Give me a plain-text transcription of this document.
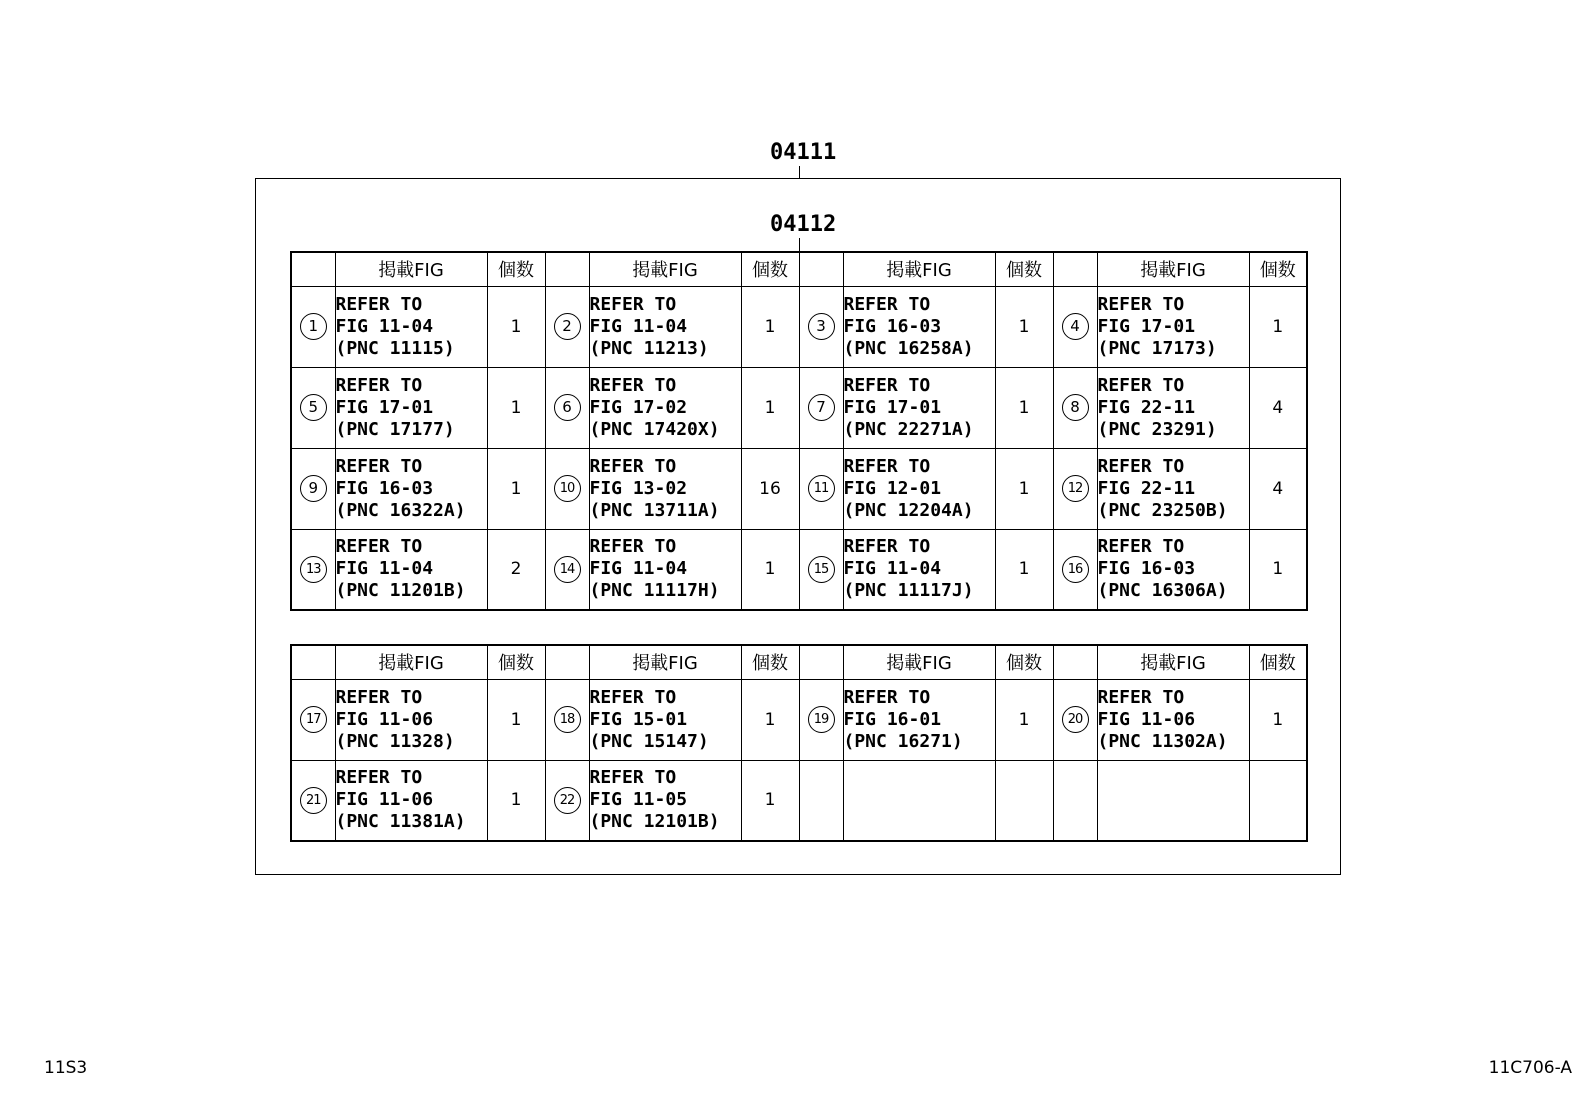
04111
04112
	掲載FIG	個数		掲載FIG	個数		掲載FIG	個数		掲載FIG	個数
1	REFER TO
FIG 11-04
(PNC 11115)	1	2	REFER TO
FIG 11-04
(PNC 11213)	1	3	REFER TO
FIG 16-03
(PNC 16258A)	1	4	REFER TO
FIG 17-01
(PNC 17173)	1
5	REFER TO
FIG 17-01
(PNC 17177)	1	6	REFER TO
FIG 17-02
(PNC 17420X)	1	7	REFER TO
FIG 17-01
(PNC 22271A)	1	8	REFER TO
FIG 22-11
(PNC 23291)	4
9	REFER TO
FIG 16-03
(PNC 16322A)	1	10	REFER TO
FIG 13-02
(PNC 13711A)	16	11	REFER TO
FIG 12-01
(PNC 12204A)	1	12	REFER TO
FIG 22-11
(PNC 23250B)	4
13	REFER TO
FIG 11-04
(PNC 11201B)	2	14	REFER TO
FIG 11-04
(PNC 11117H)	1	15	REFER TO
FIG 11-04
(PNC 11117J)	1	16	REFER TO
FIG 16-03
(PNC 16306A)	1
	掲載FIG	個数		掲載FIG	個数		掲載FIG	個数		掲載FIG	個数
17	REFER TO
FIG 11-06
(PNC 11328)	1	18	REFER TO
FIG 15-01
(PNC 15147)	1	19	REFER TO
FIG 16-01
(PNC 16271)	1	20	REFER TO
FIG 11-06
(PNC 11302A)	1
21	REFER TO
FIG 11-06
(PNC 11381A)	1	22	REFER TO
FIG 11-05
(PNC 12101B)	1						
11S3	11C706-A
